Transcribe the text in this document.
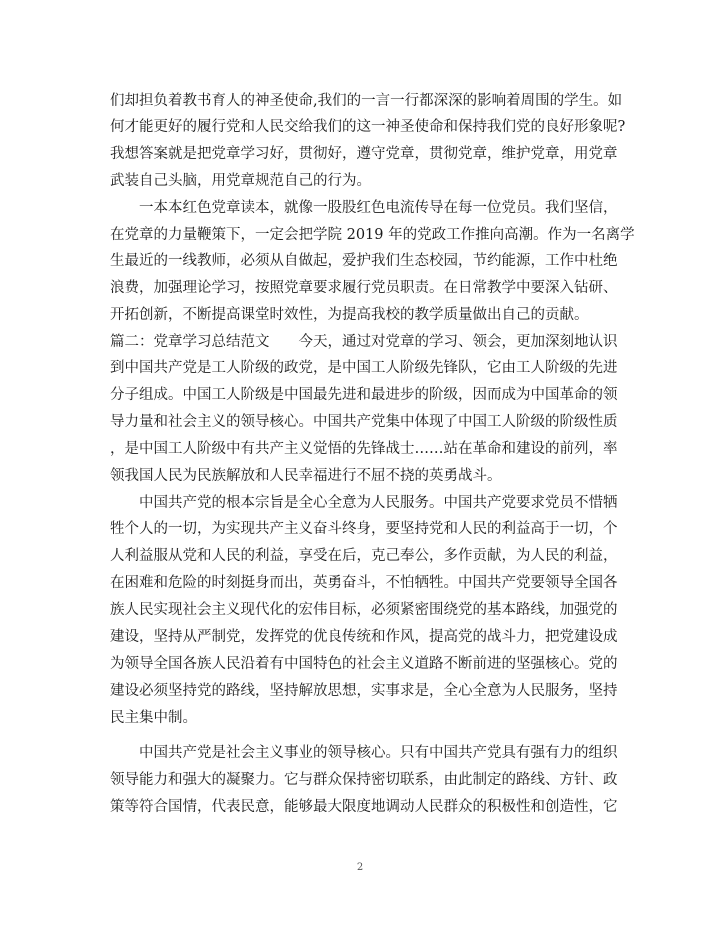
们却担负着教书育人的神圣使命,我们的一言一行都深深的影响着周围的学生。如
何才能更好的履行党和人民交给我们的这一神圣使命和保持我们党的良好形象呢?
我想答案就是把党章学习好，贯彻好，遵守党章，贯彻党章，维护党章，用党章
武装自己头脑，用党章规范自己的行为。
　　一本本红色党章读本，就像一股股红色电流传导在每一位党员。我们坚信，
在党章的力量鞭策下，一定会把学院 2019 年的党政工作推向高潮。作为一名离学
生最近的一线教师，必须从自做起，爱护我们生态校园，节约能源，工作中杜绝
浪费，加强理论学习，按照党章要求履行党员职责。在日常教学中要深入钻研、
开拓创新，不断提高课堂时效性，为提高我校的教学质量做出自己的贡献。
篇二：党章学习总结范文　　今天，通过对党章的学习、领会，更加深刻地认识
到中国共产党是工人阶级的政党，是中国工人阶级先锋队，它由工人阶级的先进
分子组成。中国工人阶级是中国最先进和最进步的阶级，因而成为中国革命的领
导力量和社会主义的领导核心。中国共产党集中体现了中国工人阶级的阶级性质
，是中国工人阶级中有共产主义觉悟的先锋战士……站在革命和建设的前列，率
领我国人民为民族解放和人民幸福进行不屈不挠的英勇战斗。
　　中国共产党的根本宗旨是全心全意为人民服务。中国共产党要求党员不惜牺
牲个人的一切，为实现共产主义奋斗终身，要坚持党和人民的利益高于一切，个
人利益服从党和人民的利益，享受在后，克己奉公，多作贡献，为人民的利益，
在困难和危险的时刻挺身而出，英勇奋斗，不怕牺牲。中国共产党要领导全国各
族人民实现社会主义现代化的宏伟目标，必须紧密围绕党的基本路线，加强党的
建设，坚持从严制党，发挥党的优良传统和作风，提高党的战斗力，把党建设成
为领导全国各族人民沿着有中国特色的社会主义道路不断前进的坚强核心。党的
建设必须坚持党的路线，坚持解放思想，实事求是，全心全意为人民服务，坚持
民主集中制。
　　中国共产党是社会主义事业的领导核心。只有中国共产党具有强有力的组织
领导能力和强大的凝聚力。它与群众保持密切联系，由此制定的路线、方针、政
策等符合国情，代表民意，能够最大限度地调动人民群众的积极性和创造性，它
2
